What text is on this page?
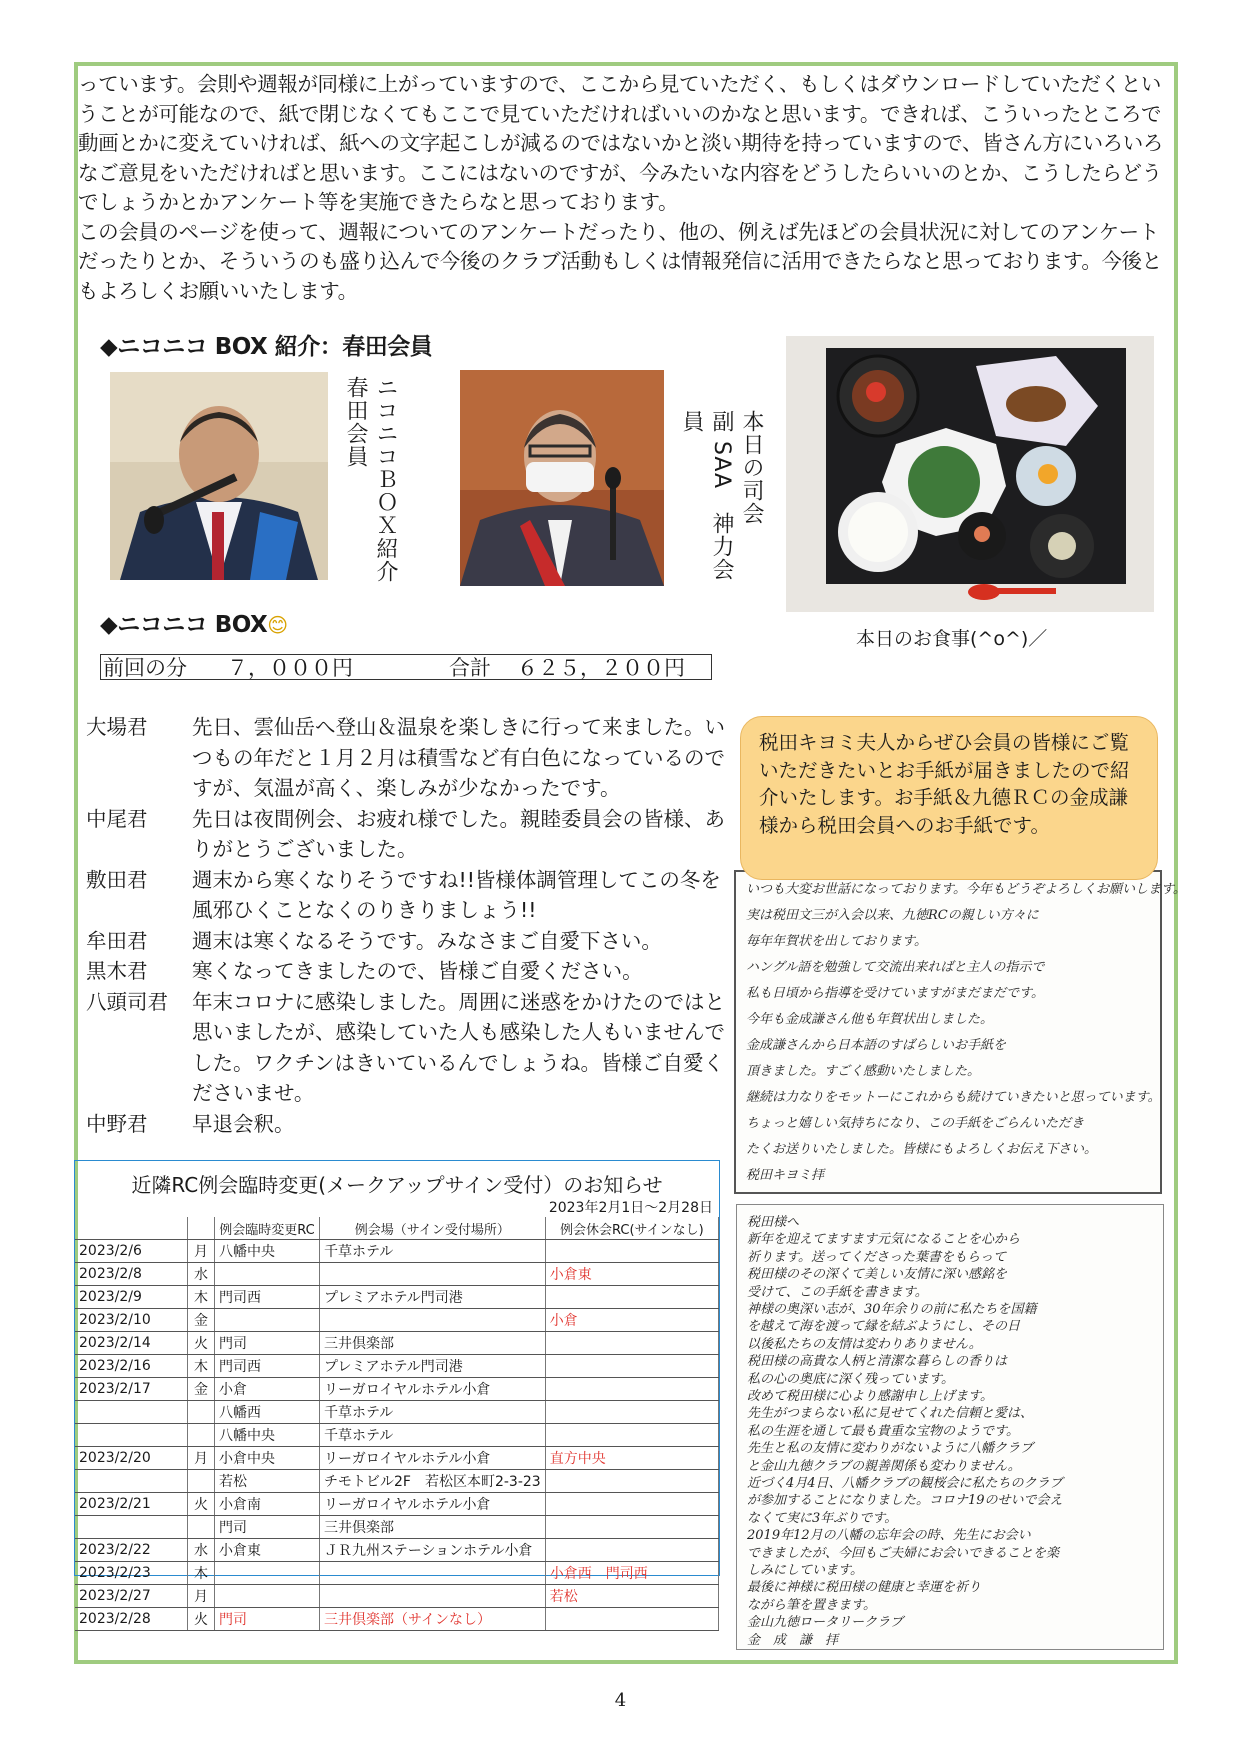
っています。会則や週報が同様に上がっていますので、ここから見ていただく、もしくはダウンロードしていただくということが可能なので、紙で閉じなくてもここで見ていただければいいのかなと思います。できれば、こういったところで動画とかに変えていければ、紙への文字起こしが減るのではないかと淡い期待を持っていますので、皆さん方にいろいろなご意見をいただければと思います。ここにはないのですが、今みたいな内容をどうしたらいいのとか、こうしたらどうでしょうかとかアンケート等を実施できたらなと思っております。

この会員のページを使って、週報についてのアンケートだったり、他の、例えば先ほどの会員状況に対してのアンケートだったりとか、そういうのも盛り込んで今後のクラブ活動もしくは情報発信に活用できたらなと思っております。今後ともよろしくお願いいたします。

◆ニコニコ BOX 紹介：春田会員
ニコニコＢＯＸ紹介
春田会員	本日の司会
副 SAA　神力会員
本日のお食事(^o^)／
◆ニコニコ BOX😊
前回の分 ７，０００円	合計 ６２５，２００円
大場君	先日、雲仙岳へ登山＆温泉を楽しきに行って来ました。いつもの年だと１月２月は積雪など有白色になっているのですが、気温が高く、楽しみが少なかったです。
中尾君	先日は夜間例会、お疲れ様でした。親睦委員会の皆様、ありがとうございました。
敷田君	週末から寒くなりそうですね!!皆様体調管理してこの冬を風邪ひくことなくのりきりましょう!!
牟田君	週末は寒くなるそうです。みなさまご自愛下さい。
黒木君	寒くなってきましたので、皆様ご自愛ください。
八頭司君	年末コロナに感染しました。周囲に迷惑をかけたのではと思いましたが、感染していた人も感染した人もいませんでした。ワクチンはきいているんでしょうね。皆様ご自愛くださいませ。
中野君	早退会釈。
いつも大変お世話になっております。今年もどうぞよろしくお願いします。
実は税田文三が入会以来、九徳RCの親しい方々に
毎年年賀状を出しております。
ハングル語を勉強して交流出来ればと主人の指示で
私も日頃から指導を受けていますがまだまだです。
今年も金成謙さん他も年賀状出しました。
金成謙さんから日本語のすばらしいお手紙を
頂きました。すごく感動いたしました。
継続は力なりをモットーにこれからも続けていきたいと思っています。
ちょっと嬉しい気持ちになり、この手紙をごらんいただき
たくお送りいたしました。皆様にもよろしくお伝え下さい。
税田キヨミ拝
税田キヨミ夫人からぜひ会員の皆様にご覧いただきたいとお手紙が届きましたので紹介いたします。お手紙＆九德ＲＣの金成謙様から税田会員へのお手紙です。
税田様へ
新年を迎えてますます元気になることを心から
祈ります。送ってくださった葉書をもらって
税田様のその深くて美しい友情に深い感銘を
受けて、この手紙を書きます。
神様の奥深い志が、30年余りの前に私たちを国籍
を越えて海を渡って縁を結ぶようにし、その日
以後私たちの友情は変わりありません。
税田様の高貴な人柄と清潔な暮らしの香りは
私の心の奥底に深く残っています。
改めて税田様に心より感謝申し上げます。
先生がつまらない私に見せてくれた信頼と愛は、
私の生涯を通して最も貴重な宝物のようです。
先生と私の友情に変わりがないように八幡クラブ
と金山九徳クラブの親善関係も変わりません。
近づく4月4日、八幡クラブの観桜会に私たちのクラブ
が参加することになりました。コロナ19のせいで会え
なくて実に3年ぶりです。
2019年12月の八幡の忘年会の時、先生にお会い
できましたが、今回もご夫婦にお会いできることを楽
しみにしています。
最後に神様に税田様の健康と幸運を祈り
ながら筆を置きます。
金山九徳ロータリークラブ
金　成　謙　拝
近隣RC例会臨時変更(メークアップサイン受付）のお知らせ
2023年2月1日～2月28日
		例会臨時変更RC	例会場（サイン受付場所）	例会休会RC(サインなし)
2023/2/6	月	八幡中央	千草ホテル	
2023/2/8	水			小倉東
2023/2/9	木	門司西	プレミアホテル門司港	
2023/2/10	金			小倉
2023/2/14	火	門司	三井倶楽部	
2023/2/16	木	門司西	プレミアホテル門司港	
2023/2/17	金	小倉	リーガロイヤルホテル小倉	
		八幡西	千草ホテル	
		八幡中央	千草ホテル	
2023/2/20	月	小倉中央	リーガロイヤルホテル小倉	直方中央
		若松	チモトビル2F　若松区本町2-3-23	
2023/2/21	火	小倉南	リーガロイヤルホテル小倉	
		門司	三井倶楽部	
2023/2/22	水	小倉東	ＪＲ九州ステーションホテル小倉	
2023/2/23	木			小倉西　門司西
2023/2/27	月			若松
2023/2/28	火	門司	三井倶楽部（サインなし）	
4
